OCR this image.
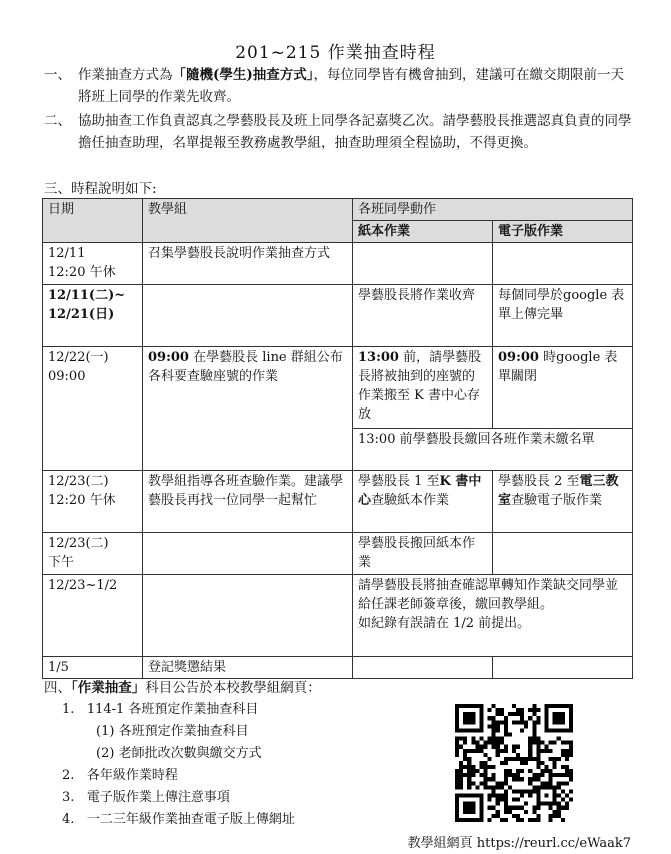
201~215 作業抽查時程
一、 作業抽查方式為「隨機(學生)抽查方式」，每位同學皆有機會抽到，建議可在繳交期限前一天將班上同學的作業先收齊。
二、 協助抽查工作負責認真之學藝股長及班上同學各記嘉獎乙次。請學藝股長推選認真負責的同學擔任抽查助理，名單提報至教務處教學組，抽查助理須全程協助，不得更換。
三、時程說明如下:
日期	教學組	各班同學動作	
		紙本作業	電子版作業
12/11
12:20 午休	召集學藝股長說明作業抽查方式		
12/11(二)~
12/21(日)		學藝股長將作業收齊	每個同學於google 表單上傳完畢
12/22(一)
09:00	09:00 在學藝股長 line 群組公布各科要查驗座號的作業	13:00 前，請學藝股長將被抽到的座號的作業搬至 K 書中心存放	09:00 時google 表單關閉
		13:00 前學藝股長繳回各班作業未繳名單	
12/23(二)
12:20 午休	教學組指導各班查驗作業。建議學藝股長再找一位同學一起幫忙	學藝股長 1 至K 書中心查驗紙本作業	學藝股長 2 至電三教室查驗電子版作業
12/23(二)
下午		學藝股長搬回紙本作業	
12/23~1/2		請學藝股長將抽查確認單轉知作業缺交同學並給任課老師簽章後，繳回教學組。
如紀錄有誤請在 1/2 前提出。	
1/5	登記獎懲結果		
四、「作業抽查」科目公告於本校教學組網頁：
1. 114-1 各班預定作業抽查科目
(1) 各班預定作業抽查科目
(2) 老師批改次數與繳交方式
2. 各年級作業時程
3. 電子版作業上傳注意事項
4. 一二三年級作業抽查電子版上傳網址
教學組網頁 https://reurl.cc/eWaak7
